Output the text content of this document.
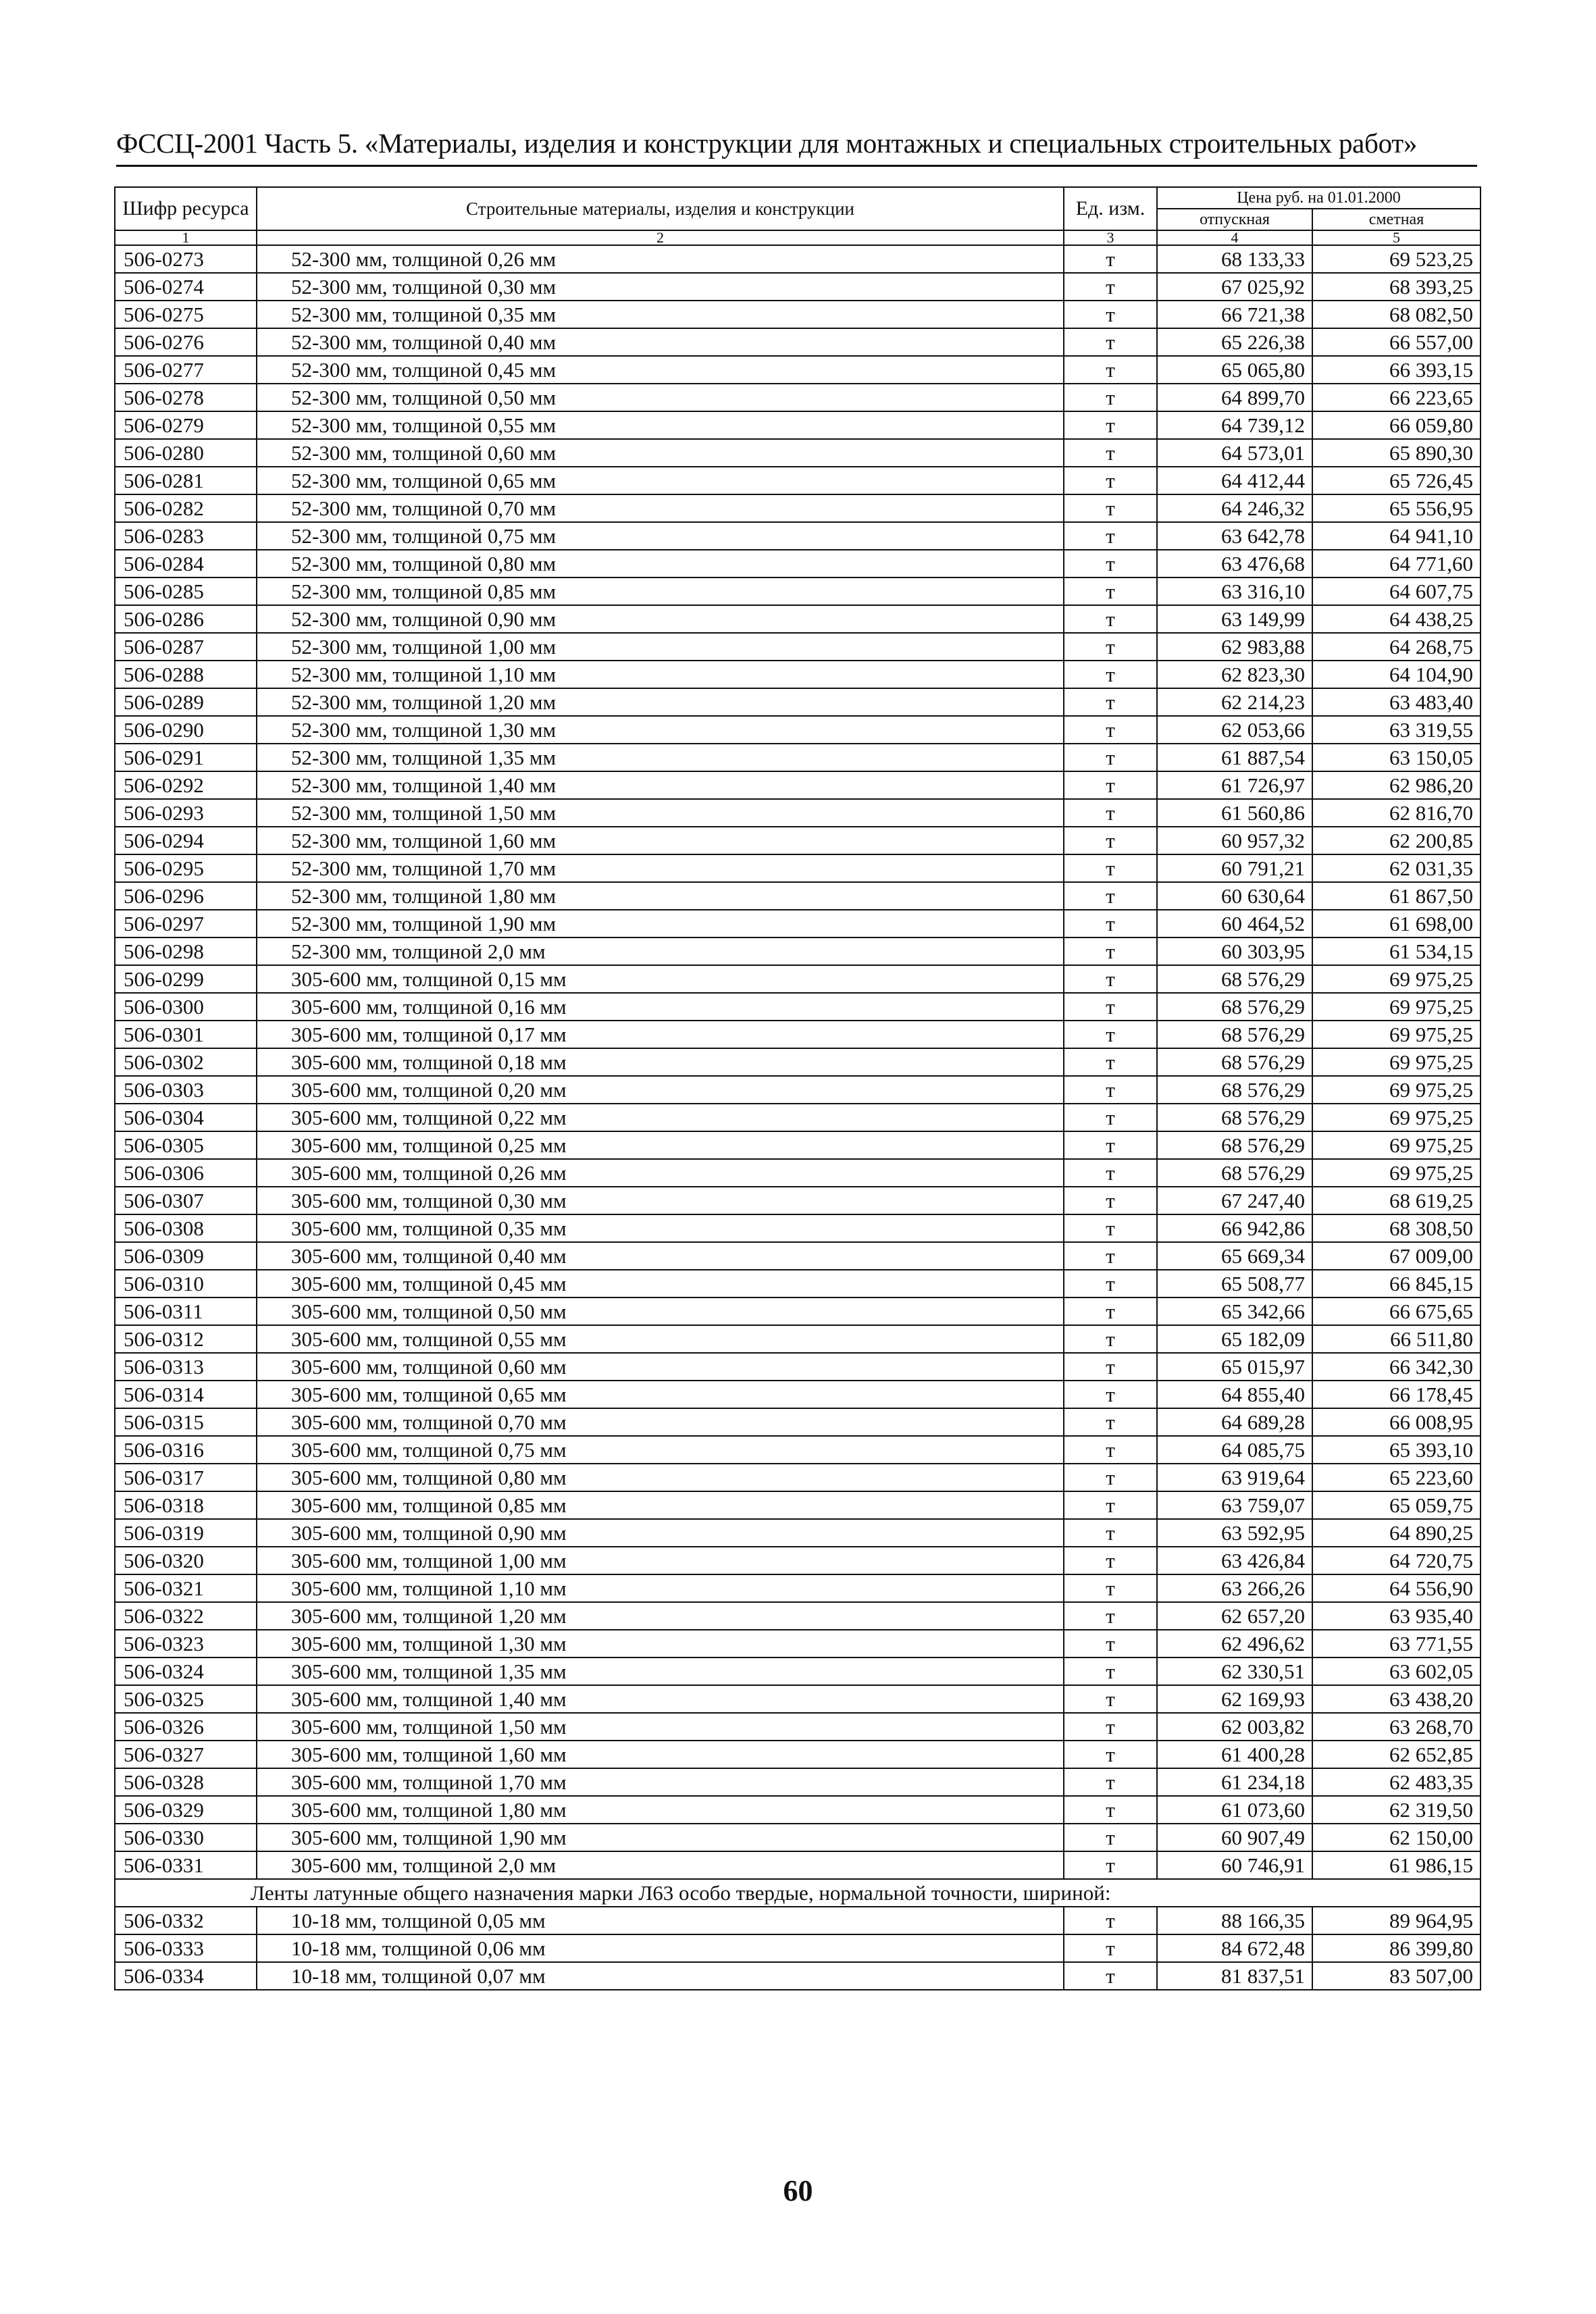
ФССЦ-2001 Часть 5. «Материалы, изделия и конструкции для монтажных и специальных строительных работ»
Шифр ресурса	Строительные материалы, изделия и конструкции	Ед. изм.	Цена руб. на 01.01.2000	
			отпускная	сметная
1	2	3	4	5
506-0273	52-300 мм, толщиной 0,26 мм	т	68 133,33	69 523,25
506-0274	52-300 мм, толщиной 0,30 мм	т	67 025,92	68 393,25
506-0275	52-300 мм, толщиной 0,35 мм	т	66 721,38	68 082,50
506-0276	52-300 мм, толщиной 0,40 мм	т	65 226,38	66 557,00
506-0277	52-300 мм, толщиной 0,45 мм	т	65 065,80	66 393,15
506-0278	52-300 мм, толщиной 0,50 мм	т	64 899,70	66 223,65
506-0279	52-300 мм, толщиной 0,55 мм	т	64 739,12	66 059,80
506-0280	52-300 мм, толщиной 0,60 мм	т	64 573,01	65 890,30
506-0281	52-300 мм, толщиной 0,65 мм	т	64 412,44	65 726,45
506-0282	52-300 мм, толщиной 0,70 мм	т	64 246,32	65 556,95
506-0283	52-300 мм, толщиной 0,75 мм	т	63 642,78	64 941,10
506-0284	52-300 мм, толщиной 0,80 мм	т	63 476,68	64 771,60
506-0285	52-300 мм, толщиной 0,85 мм	т	63 316,10	64 607,75
506-0286	52-300 мм, толщиной 0,90 мм	т	63 149,99	64 438,25
506-0287	52-300 мм, толщиной 1,00 мм	т	62 983,88	64 268,75
506-0288	52-300 мм, толщиной 1,10 мм	т	62 823,30	64 104,90
506-0289	52-300 мм, толщиной 1,20 мм	т	62 214,23	63 483,40
506-0290	52-300 мм, толщиной 1,30 мм	т	62 053,66	63 319,55
506-0291	52-300 мм, толщиной 1,35 мм	т	61 887,54	63 150,05
506-0292	52-300 мм, толщиной 1,40 мм	т	61 726,97	62 986,20
506-0293	52-300 мм, толщиной 1,50 мм	т	61 560,86	62 816,70
506-0294	52-300 мм, толщиной 1,60 мм	т	60 957,32	62 200,85
506-0295	52-300 мм, толщиной 1,70 мм	т	60 791,21	62 031,35
506-0296	52-300 мм, толщиной 1,80 мм	т	60 630,64	61 867,50
506-0297	52-300 мм, толщиной 1,90 мм	т	60 464,52	61 698,00
506-0298	52-300 мм, толщиной 2,0 мм	т	60 303,95	61 534,15
506-0299	305-600 мм, толщиной 0,15 мм	т	68 576,29	69 975,25
506-0300	305-600 мм, толщиной 0,16 мм	т	68 576,29	69 975,25
506-0301	305-600 мм, толщиной 0,17 мм	т	68 576,29	69 975,25
506-0302	305-600 мм, толщиной 0,18 мм	т	68 576,29	69 975,25
506-0303	305-600 мм, толщиной 0,20 мм	т	68 576,29	69 975,25
506-0304	305-600 мм, толщиной 0,22 мм	т	68 576,29	69 975,25
506-0305	305-600 мм, толщиной 0,25 мм	т	68 576,29	69 975,25
506-0306	305-600 мм, толщиной 0,26 мм	т	68 576,29	69 975,25
506-0307	305-600 мм, толщиной 0,30 мм	т	67 247,40	68 619,25
506-0308	305-600 мм, толщиной 0,35 мм	т	66 942,86	68 308,50
506-0309	305-600 мм, толщиной 0,40 мм	т	65 669,34	67 009,00
506-0310	305-600 мм, толщиной 0,45 мм	т	65 508,77	66 845,15
506-0311	305-600 мм, толщиной 0,50 мм	т	65 342,66	66 675,65
506-0312	305-600 мм, толщиной 0,55 мм	т	65 182,09	66 511,80
506-0313	305-600 мм, толщиной 0,60 мм	т	65 015,97	66 342,30
506-0314	305-600 мм, толщиной 0,65 мм	т	64 855,40	66 178,45
506-0315	305-600 мм, толщиной 0,70 мм	т	64 689,28	66 008,95
506-0316	305-600 мм, толщиной 0,75 мм	т	64 085,75	65 393,10
506-0317	305-600 мм, толщиной 0,80 мм	т	63 919,64	65 223,60
506-0318	305-600 мм, толщиной 0,85 мм	т	63 759,07	65 059,75
506-0319	305-600 мм, толщиной 0,90 мм	т	63 592,95	64 890,25
506-0320	305-600 мм, толщиной 1,00 мм	т	63 426,84	64 720,75
506-0321	305-600 мм, толщиной 1,10 мм	т	63 266,26	64 556,90
506-0322	305-600 мм, толщиной 1,20 мм	т	62 657,20	63 935,40
506-0323	305-600 мм, толщиной 1,30 мм	т	62 496,62	63 771,55
506-0324	305-600 мм, толщиной 1,35 мм	т	62 330,51	63 602,05
506-0325	305-600 мм, толщиной 1,40 мм	т	62 169,93	63 438,20
506-0326	305-600 мм, толщиной 1,50 мм	т	62 003,82	63 268,70
506-0327	305-600 мм, толщиной 1,60 мм	т	61 400,28	62 652,85
506-0328	305-600 мм, толщиной 1,70 мм	т	61 234,18	62 483,35
506-0329	305-600 мм, толщиной 1,80 мм	т	61 073,60	62 319,50
506-0330	305-600 мм, толщиной 1,90 мм	т	60 907,49	62 150,00
506-0331	305-600 мм, толщиной 2,0 мм	т	60 746,91	61 986,15
Ленты латунные общего назначения марки Л63 особо твердые, нормальной точности, шириной:				
506-0332	10-18 мм, толщиной 0,05 мм	т	88 166,35	89 964,95
506-0333	10-18 мм, толщиной 0,06 мм	т	84 672,48	86 399,80
506-0334	10-18 мм, толщиной 0,07 мм	т	81 837,51	83 507,00
60
